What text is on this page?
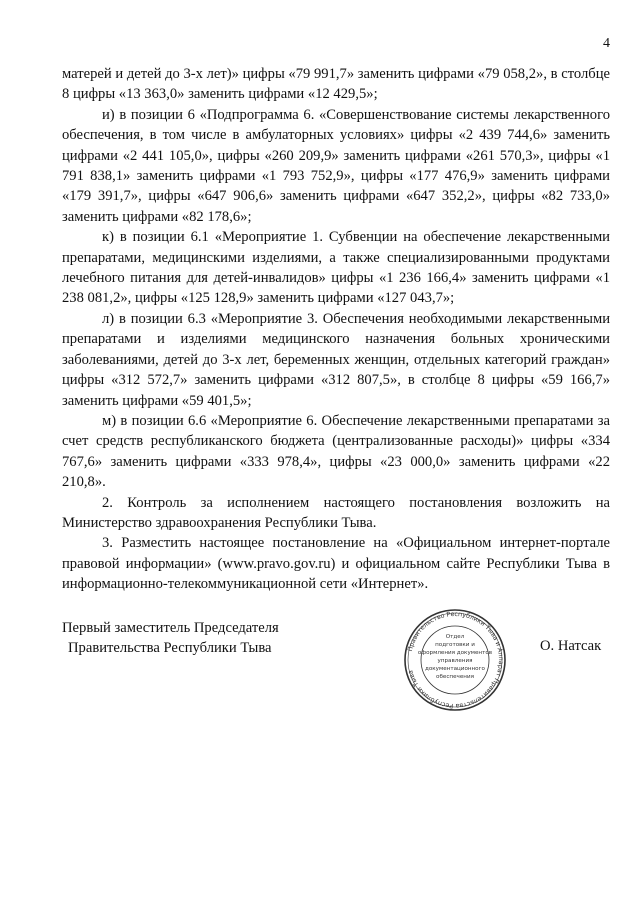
4

матерей и детей до 3-х лет)» цифры «79 991,7» заменить цифрами «79 058,2», в столбце 8 цифры «13 363,0» заменить цифрами «12 429,5»;

и) в позиции 6 «Подпрограмма 6. «Совершенствование системы лекарственного обеспечения, в том числе в амбулаторных условиях» цифры «2 439 744,6» заменить цифрами «2 441 105,0», цифры «260 209,9» заменить цифрами «261 570,3», цифры «1 791 838,1» заменить цифрами «1 793 752,9», цифры «177 476,9» заменить цифрами «179 391,7», цифры «647 906,6» заменить цифрами «647 352,2», цифры «82 733,0» заменить цифрами «82 178,6»;

к) в позиции 6.1 «Мероприятие 1. Субвенции на обеспечение лекарственными препаратами, медицинскими изделиями, а также специализированными продуктами лечебного питания для детей-инвалидов» цифры «1 236 166,4» заменить цифрами «1 238 081,2», цифры «125 128,9» заменить цифрами «127 043,7»;

л) в позиции 6.3 «Мероприятие 3. Обеспечения необходимыми лекарственными препаратами и изделиями медицинского назначения больных хроническими заболеваниями, детей до 3-х лет, беременных женщин, отдельных категорий граждан» цифры «312 572,7» заменить цифрами «312 807,5», в столбце 8 цифры «59 166,7» заменить цифрами «59 401,5»;

м) в позиции 6.6 «Мероприятие 6. Обеспечение лекарственными препаратами за счет средств республиканского бюджета (централизованные расходы)» цифры «334 767,6» заменить цифрами «333 978,4», цифры «23 000,0» заменить цифрами «22 210,8».

2. Контроль за исполнением настоящего постановления возложить на Министерство здравоохранения Республики Тыва.

3. Разместить настоящее постановление на «Официальном интернет-портале правовой информации» (www.pravo.gov.ru) и официальном сайте Республики Тыва в информационно-телекоммуникационной сети «Интернет».

Первый заместитель Председателя
Правительства Республики Тыва	Правительство Республики Тыва и Аппарат Правительства Республики Тыва
Отдел
подготовки и
оформления документов
управления
документационного
обеспечения
О. Натсак
